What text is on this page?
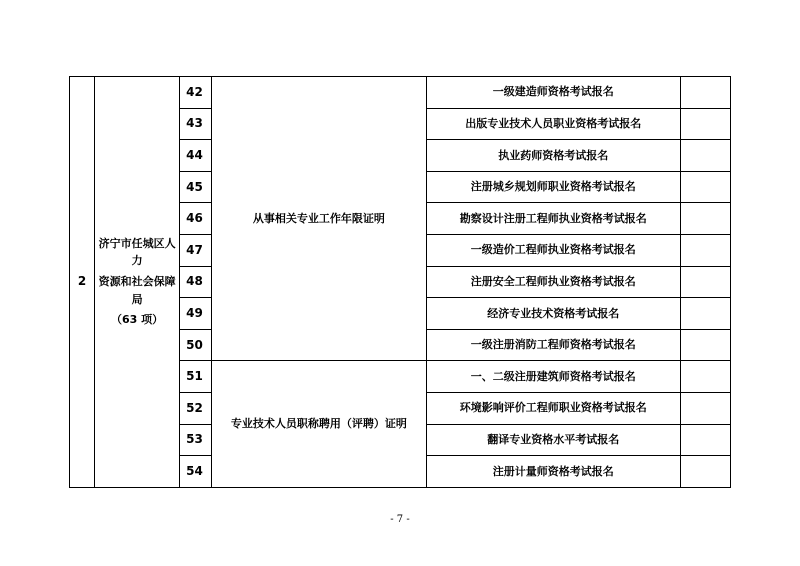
2	济宁市任城区人力
资源和社会保障局
（63 项）	42	从事相关专业工作年限证明	一级建造师资格考试报名	
		43		出版专业技术人员职业资格考试报名	
		44		执业药师资格考试报名	
		45		注册城乡规划师职业资格考试报名	
		46		勘察设计注册工程师执业资格考试报名	
		47		一级造价工程师执业资格考试报名	
		48		注册安全工程师执业资格考试报名	
		49		经济专业技术资格考试报名	
		50		一级注册消防工程师资格考试报名	
		51	专业技术人员职称聘用（评聘）证明	一、二级注册建筑师资格考试报名	
		52		环境影响评价工程师职业资格考试报名	
		53		翻译专业资格水平考试报名	
		54		注册计量师资格考试报名	
- 7 -
